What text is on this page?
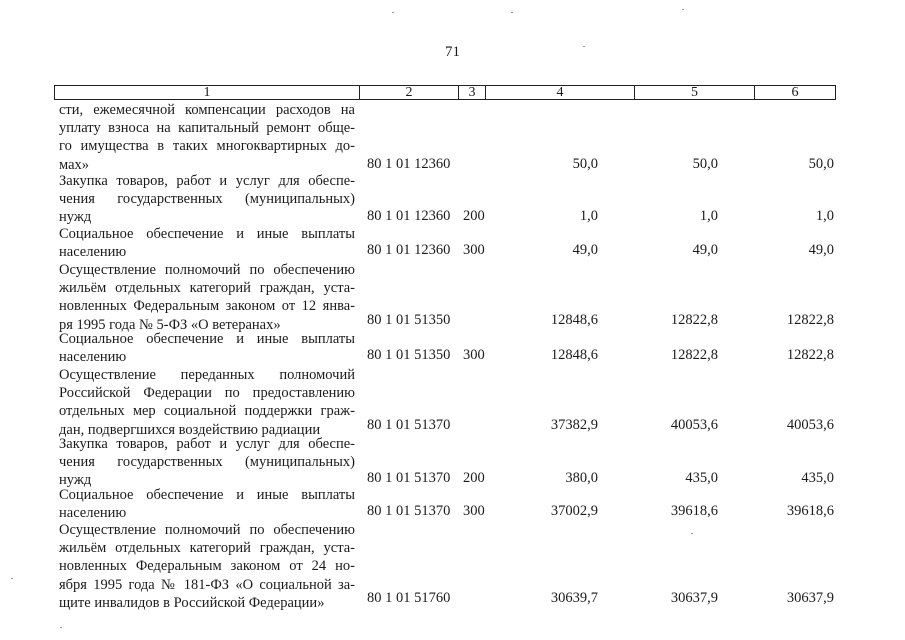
71
1	2	3	4	5	6
сти, ежемесячной компенсации расходов на
уплату взноса на капитальный ремонт обще-
го имущества в таких многоквартирных до-
мах»	80 1 01 12360	50,0	50,0	50,0
Закупка товаров, работ и услуг для обеспе-
чения государственных (муниципальных)
нужд	80 1 01 12360 200	1,0	1,0	1,0
Социальное обеспечение и иные выплаты
населению	80 1 01 12360 300	49,0	49,0	49,0
Осуществление полномочий по обеспечению
жильём отдельных категорий граждан, уста-
новленных Федеральным законом от 12 янва-
ря 1995 года № 5-ФЗ «О ветеранах»	80 1 01 51350	12848,6	12822,8	12822,8
Социальное обеспечение и иные выплаты
населению	80 1 01 51350 300	12848,6	12822,8	12822,8
Осуществление переданных полномочий
Российской Федерации по предоставлению
отдельных мер социальной поддержки граж-
дан, подвергшихся воздействию радиации	80 1 01 51370	37382,9	40053,6	40053,6
Закупка товаров, работ и услуг для обеспе-
чения государственных (муниципальных)
нужд	80 1 01 51370 200	380,0	435,0	435,0
Социальное обеспечение и иные выплаты
населению	80 1 01 51370 300	37002,9	39618,6	39618,6
Осуществление полномочий по обеспечению
жильём отдельных категорий граждан, уста-
новленных Федеральным законом от 24 но-
ября 1995 года № 181-ФЗ «О социальной за-
щите инвалидов в Российской Федерации»	80 1 01 51760	30639,7	30637,9	30637,9
